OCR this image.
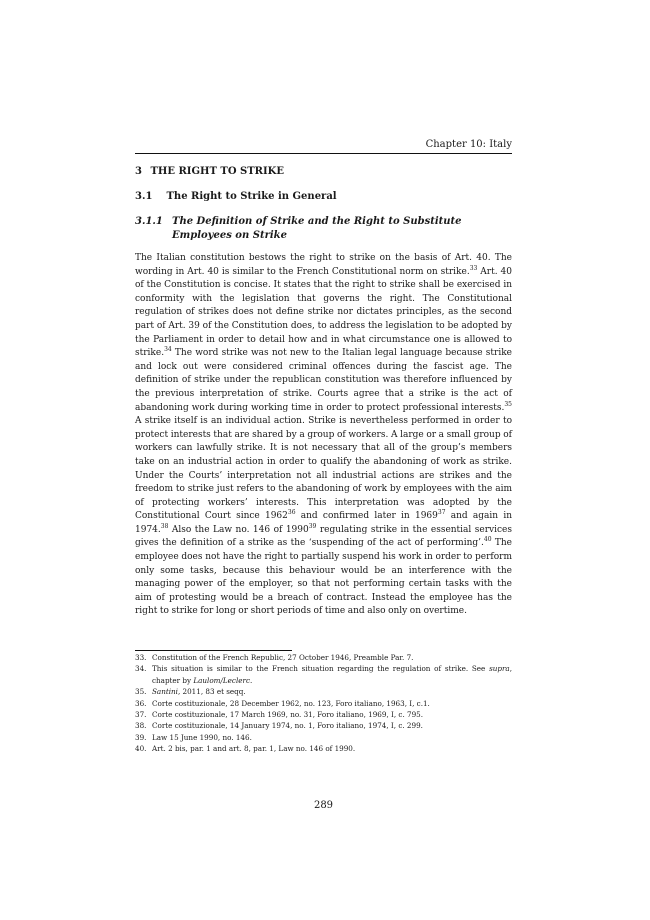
Chapter 10: Italy
3 THE RIGHT TO STRIKE
3.1 The Right to Strike in General
3.1.1 The Definition of Strike and the Right to Substitute Employees on Strike
The Italian constitution bestows the right to strike on the basis of Art. 40. The wording in Art. 40 is similar to the French Constitutional norm on strike.$^{33}$ Art. 40 of the Constitution is concise. It states that the right to strike shall be exercised in conformity with the legislation that governs the right. The Constitutional regulation of strikes does not define strike nor dictates principles, as the second part of Art. 39 of the Constitution does, to address the legislation to be adopted by the Parliament in order to detail how and in what circumstance one is allowed to strike.$^{34}$ The word strike was not new to the Italian legal language because strike and lock out were considered criminal offences during the fascist age. The definition of strike under the republican constitution was therefore influenced by the previous interpretation of strike. Courts agree that a strike is the act of abandoning work during working time in order to protect professional interests.$^{35}$ A strike itself is an individual action. Strike is nevertheless performed in order to protect interests that are shared by a group of workers. A large or a small group of workers can lawfully strike. It is not necessary that all of the group’s members take on an industrial action in order to qualify the abandoning of work as strike. Under the Courts’ interpretation not all industrial actions are strikes and the freedom to strike just refers to the abandoning of work by employees with the aim of protecting workers’ interests. This interpretation was adopted by the Constitutional Court since 1962$^{36}$ and confirmed later in 1969$^{37}$ and again in 1974.38 Also the Law no. 146 of 1990$^{39}$ regulating strike in the essential services gives the definition of a strike as the ‘suspending of the act of performing’.$^{40}$ The employee does not have the right to partially suspend his work in order to perform only some tasks, because this behaviour would be an interference with the managing power of the employer, so that not performing certain tasks with the aim of protesting would be a breach of contract. Instead the employee has the right to strike for long or short periods of time and also only on overtime.
33. Constitution of the French Republic, 27 October 1946, Preamble Par. 7.
34. This situation is similar to the French situation regarding the regulation of strike. See supra, chapter by Laulom/Leclerc.
35. Santini, 2011, 83 et seqq.
36. Corte costituzionale, 28 December 1962, no. 123, Foro italiano, 1963, I, c.1.
37. Corte costituzionale, 17 March 1969, no. 31, Foro italiano, 1969, I, c. 795.
38. Corte costituzionale, 14 January 1974, no. 1, Foro italiano, 1974, I, c. 299.
39. Law 15 June 1990, no. 146.
40. Art. 2 bis, par. 1 and art. 8, par. 1, Law no. 146 of 1990.
289
